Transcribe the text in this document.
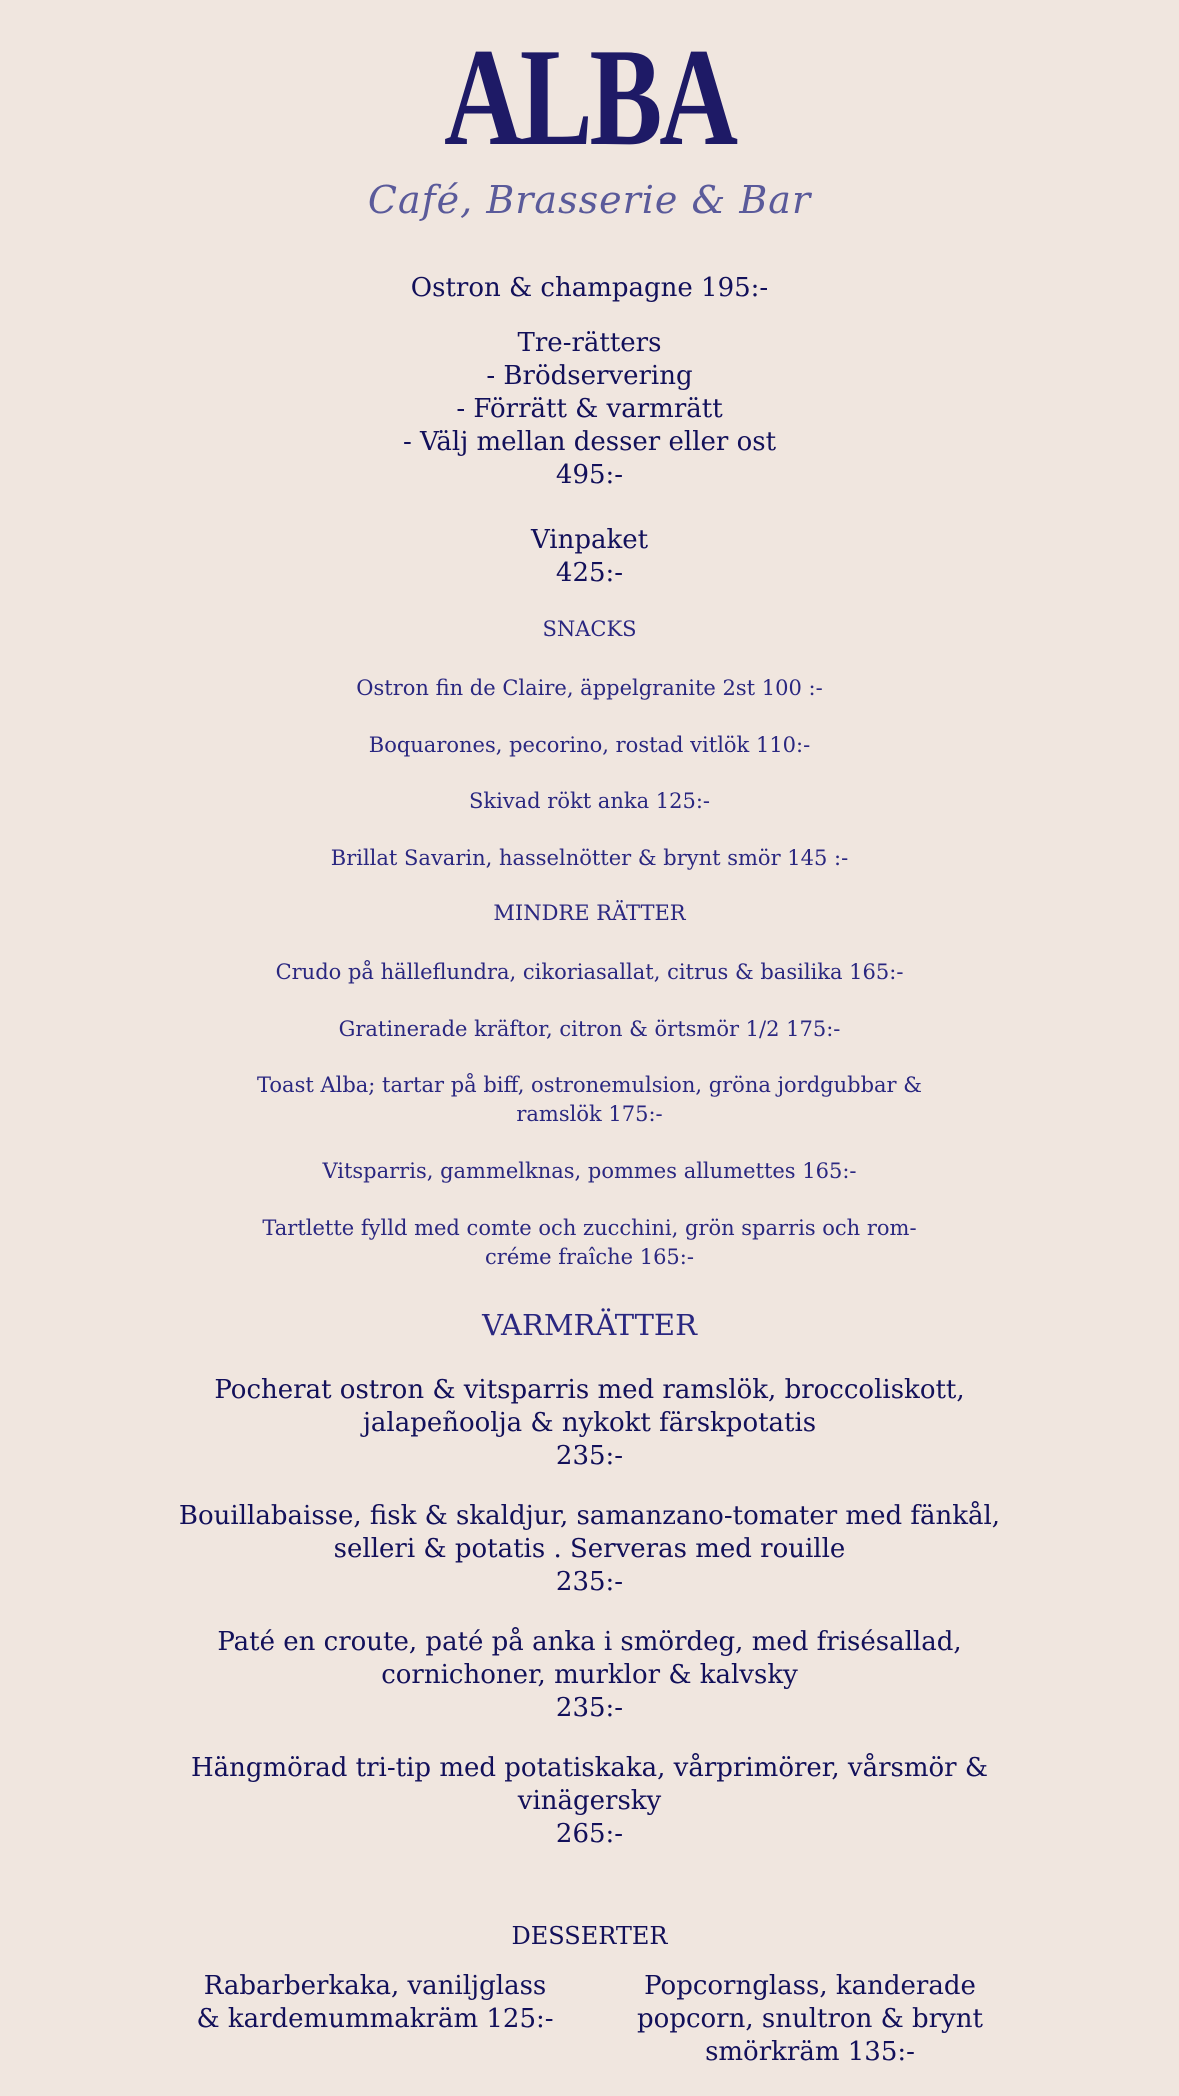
ALBA
Café, Brasserie & Bar
Ostron & champagne 195:-
Tre-rätters
- Brödservering
- Förrätt & varmrätt
- Välj mellan desser eller ost
495:-
Vinpaket
425:-
SNACKS
Ostron fin de Claire, äppelgranite 2st 100 :-
Boquarones, pecorino, rostad vitlök 110:-
Skivad rökt anka 125:-
Brillat Savarin, hasselnötter & brynt smör 145 :-
MINDRE RÄTTER
Crudo på hälleflundra, cikoriasallat, citrus & basilika 165:-
Gratinerade kräftor, citron & örtsmör 1/2 175:-
Toast Alba; tartar på biff, ostronemulsion, gröna jordgubbar &
ramslök 175:-
Vitsparris, gammelknas, pommes allumettes 165:-
Tartlette fylld med comte och zucchini, grön sparris och rom-
créme fraîche 165:-
VARMRÄTTER
Pocherat ostron & vitsparris med ramslök, broccoliskott,
jalapeñoolja & nykokt färskpotatis
235:-
Bouillabaisse, fisk & skaldjur, samanzano-tomater med fänkål,
selleri & potatis . Serveras med rouille
235:-
Paté en croute, paté på anka i smördeg, med frisésallad,
cornichoner, murklor & kalvsky
235:-
Hängmörad tri-tip med potatiskaka, vårprimörer, vårsmör &
vinägersky
265:-
DESSERTER
Rabarberkaka, vaniljglass
& kardemummakräm 125:-
Popcornglass, kanderade
popcorn, snultron & brynt
smörkräm 135:-
